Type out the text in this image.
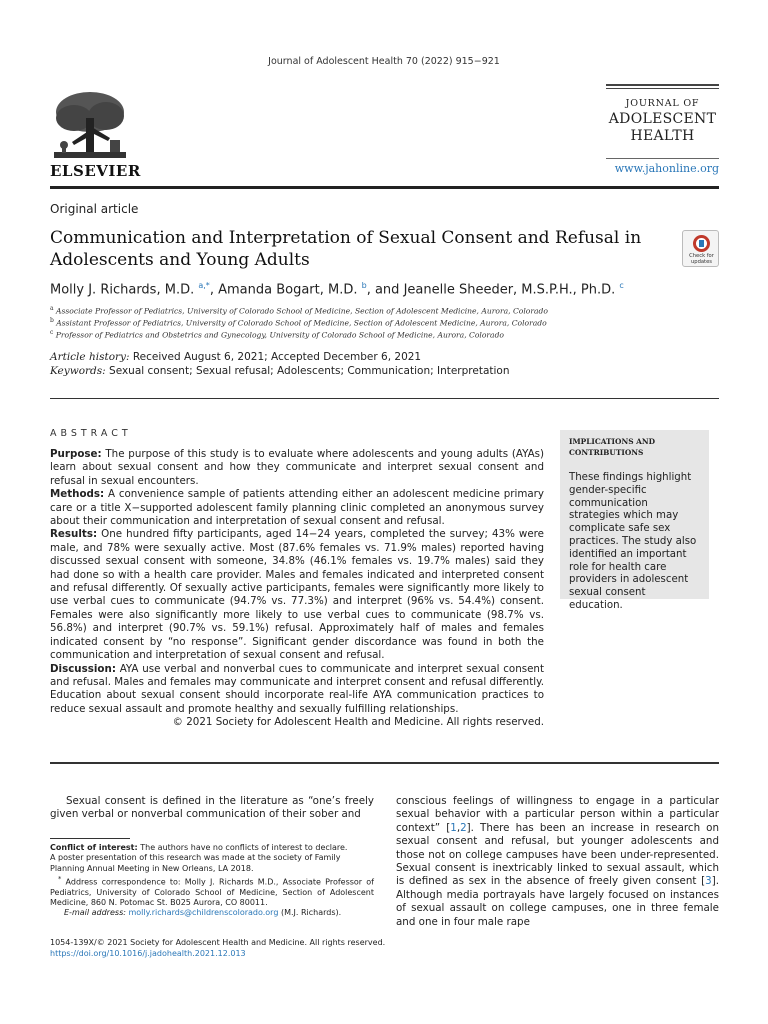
Journal of Adolescent Health 70 (2022) 915−921
ELSEVIER
JOURNAL OF
ADOLESCENT
HEALTH
www.jahonline.org
Original article
Communication and Interpretation of Sexual Consent and Refusal in Adolescents and Young Adults	Check for
updates
Molly J. Richards, M.D. $^{a,*}$, Amanda Bogart, M.D. $^b$, and Jeanelle Sheeder, M.S.P.H., Ph.D. $^c$
$^a$ Associate Professor of Pediatrics, University of Colorado School of Medicine, Section of Adolescent Medicine, Aurora, Colorado
$^b$ Assistant Professor of Pediatrics, University of Colorado School of Medicine, Section of Adolescent Medicine, Aurora, Colorado
$^c$ Professor of Pediatrics and Obstetrics and Gynecology, University of Colorado School of Medicine, Aurora, Colorado
Article history: Received August 6, 2021; Accepted December 6, 2021
Keywords: Sexual consent; Sexual refusal; Adolescents; Communication; Interpretation
ABSTRACT

Purpose: The purpose of this study is to evaluate where adolescents and young adults (AYAs) learn about sexual consent and how they communicate and interpret sexual consent and refusal in sexual encounters.

Methods: A convenience sample of patients attending either an adolescent medicine primary care or a title X−supported adolescent family planning clinic completed an anonymous survey about their communication and interpretation of sexual consent and refusal.

Results: One hundred fifty participants, aged 14−24 years, completed the survey; 43% were male, and 78% were sexually active. Most (87.6% females vs. 71.9% males) reported having discussed sexual consent with someone, 34.8% (46.1% females vs. 19.7% males) said they had done so with a health care provider. Males and females indicated and interpreted consent and refusal differently. Of sexually active participants, females were significantly more likely to use verbal cues to communicate (94.7% vs. 77.3%) and interpret (96% vs. 54.4%) consent. Females were also significantly more likely to use verbal cues to communicate (98.7% vs. 56.8%) and interpret (90.7% vs. 59.1%) refusal. Approximately half of males and females indicated consent by “no response”. Significant gender discordance was found in both the communication and interpretation of sexual consent and refusal.

Discussion: AYA use verbal and nonverbal cues to communicate and interpret sexual consent and refusal. Males and females may communicate and interpret consent and refusal differently. Education about sexual consent should incorporate real-life AYA communication practices to reduce sexual assault and promote healthy and sexually fulfilling relationships.

© 2021 Society for Adolescent Health and Medicine. All rights reserved.

IMPLICATIONS AND CONTRIBUTIONS
These findings highlight gender-specific communication strategies which may complicate safe sex practices. The study also identified an important role for health care providers in adolescent sexual consent education.

Sexual consent is defined in the literature as “one’s freely given verbal or nonverbal communication of their sober and

Conflict of interest: The authors have no conflicts of interest to declare.

A poster presentation of this research was made at the society of Family Planning Annual Meeting in New Orleans, LA 2018.

* Address correspondence to: Molly J. Richards M.D., Associate Professor of Pediatrics, University of Colorado School of Medicine, Section of Adolescent Medicine, 860 N. Potomac St. B025 Aurora, CO 80011.

E-mail address: molly.richards@childrenscolorado.org (M.J. Richards).

conscious feelings of willingness to engage in a particular sexual behavior with a particular person within a particular context” [1,2]. There has been an increase in research on sexual consent and refusal, but younger adolescents and those not on college campuses have been under-represented. Sexual consent is inextricably linked to sexual assault, which is defined as sex in the absence of freely given consent [3]. Although media portrayals have largely focused on instances of sexual assault on college campuses, one in three female and one in four male rape
1054-139X/© 2021 Society for Adolescent Health and Medicine. All rights reserved.
https://doi.org/10.1016/j.jadohealth.2021.12.013
